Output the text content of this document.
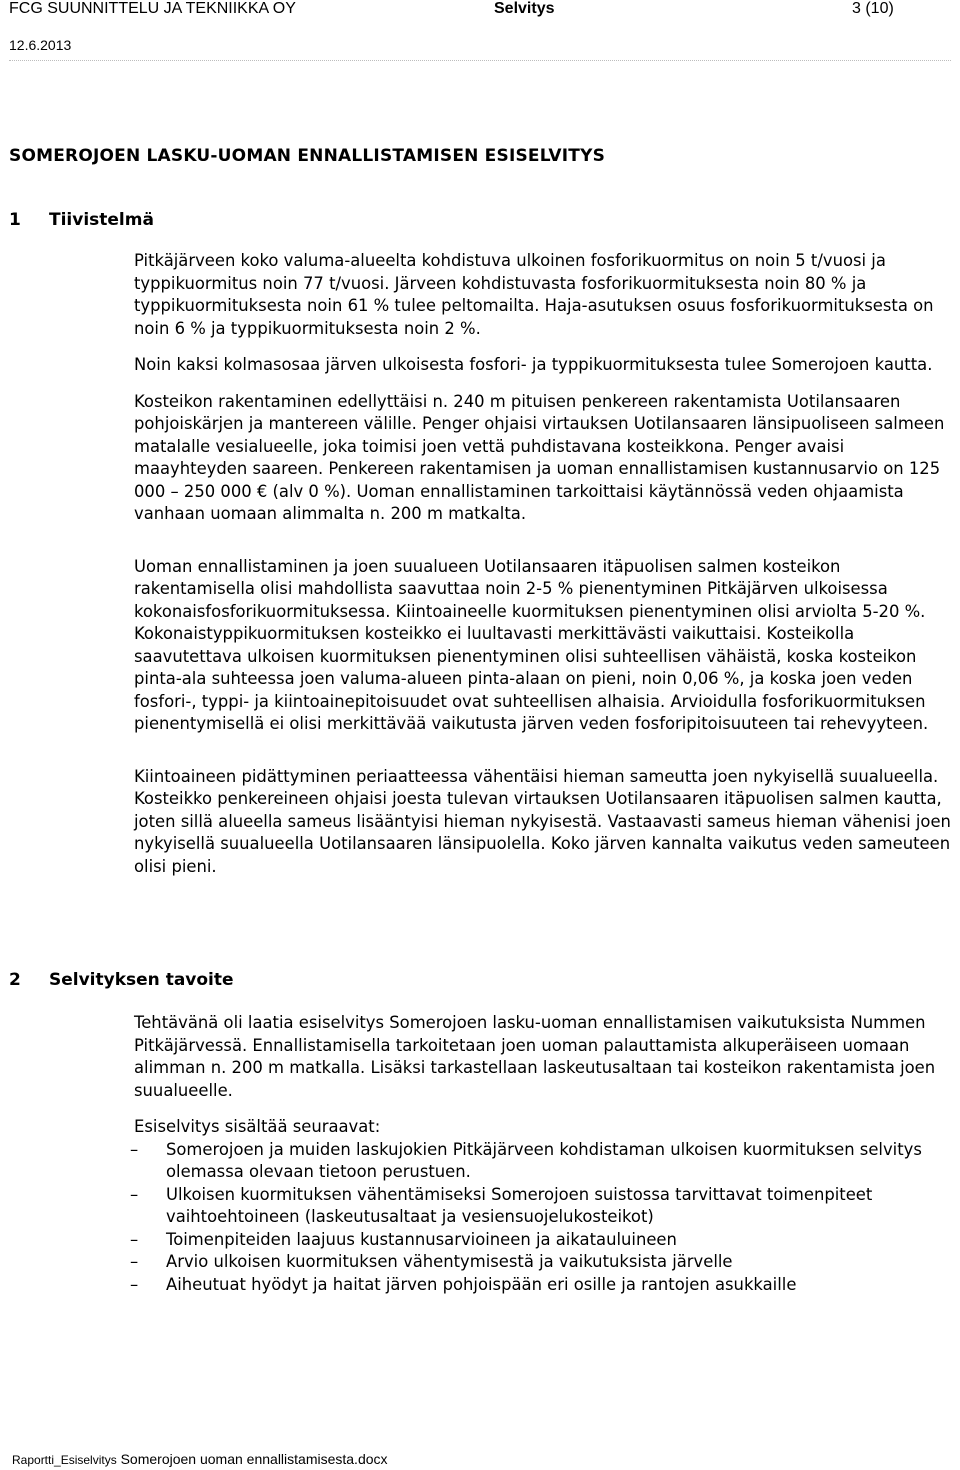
FCG SUUNNITTELU JA TEKNIIKKA OY	Selvitys	3 (10)
12.6.2013
SOMEROJOEN LASKU-UOMAN ENNALLISTAMISEN ESISELVITYS
1 Tiivistelmä

Pitkäjärveen koko valuma-alueelta kohdistuva ulkoinen fosforikuormitus on noin 5 t/vuosi ja typpikuormitus noin 77 t/vuosi. Järveen kohdistuvasta fosforikuormituksesta noin 80 % ja typpikuormituksesta noin 61 % tulee peltomailta. Haja-asutuksen osuus fosforikuormituksesta on noin 6 % ja typpikuormituksesta noin 2 %.

Noin kaksi kolmasosaa järven ulkoisesta fosfori- ja typpikuormituksesta tulee Somerojoen kautta.

Kosteikon rakentaminen edellyttäisi n. 240 m pituisen penkereen rakentamista Uotilansaaren pohjoiskärjen ja mantereen välille. Penger ohjaisi virtauksen Uotilansaaren länsipuoliseen salmeen matalalle vesialueelle, joka toimisi joen vettä puhdistavana kosteikkona. Penger avaisi maayhteyden saareen. Penkereen rakentamisen ja uoman ennallistamisen kustannusarvio on 125 000 – 250 000 € (alv 0 %). Uoman ennallistaminen tarkoittaisi käytännössä veden ohjaamista vanhaan uomaan alimmalta n. 200 m matkalta.

Uoman ennallistaminen ja joen suualueen Uotilansaaren itäpuolisen salmen kosteikon rakentamisella olisi mahdollista saavuttaa noin 2-5 % pienentyminen Pitkäjärven ulkoisessa kokonaisfosforikuormituksessa. Kiintoaineelle kuormituksen pienentyminen olisi arviolta 5-20 %. Kokonaistyppikuormituksen kosteikko ei luultavasti merkittävästi vaikuttaisi. Kosteikolla saavutettava ulkoisen kuormituksen pienentyminen olisi suhteellisen vähäistä, koska kosteikon pinta-ala suhteessa joen valuma-alueen pinta-alaan on pieni, noin 0,06 %, ja koska joen veden fosfori-, typpi- ja kiintoainepitoisuudet ovat suhteellisen alhaisia. Arvioidulla fosforikuormituksen pienentymisellä ei olisi merkittävää vaikutusta järven veden fosforipitoisuuteen tai rehevyyteen.

Kiintoaineen pidättyminen periaatteessa vähentäisi hieman sameutta joen nykyisellä suualueella. Kosteikko penkereineen ohjaisi joesta tulevan virtauksen Uotilansaaren itäpuolisen salmen kautta, joten sillä alueella sameus lisääntyisi hieman nykyisestä. Vastaavasti sameus hieman vähenisi joen nykyisellä suualueella Uotilansaaren länsipuolella. Koko järven kannalta vaikutus veden sameuteen olisi pieni.

2 Selvityksen tavoite

Tehtävänä oli laatia esiselvitys Somerojoen lasku-uoman ennallistamisen vaikutuksista Nummen Pitkäjärvessä. Ennallistamisella tarkoitetaan joen uoman palauttamista alkuperäiseen uomaan alimman n. 200 m matkalla. Lisäksi tarkastellaan laskeutusaltaan tai kosteikon rakentamista joen suualueelle.

Esiselvitys sisältää seuraavat:

– Somerojoen ja muiden laskujokien Pitkäjärveen kohdistaman ulkoisen kuormituksen selvitys olemassa olevaan tietoon perustuen.
– Ulkoisen kuormituksen vähentämiseksi Somerojoen suistossa tarvittavat toimenpiteet vaihtoehtoineen (laskeutusaltaat ja vesiensuojelukosteikot)
– Toimenpiteiden laajuus kustannusarvioineen ja aikatauluineen
– Arvio ulkoisen kuormituksen vähentymisestä ja vaikutuksista järvelle
– Aiheutuat hyödyt ja haitat järven pohjoispään eri osille ja rantojen asukkaille
Raportti_Esiselvitys Somerojoen uoman ennallistamisesta.docx
